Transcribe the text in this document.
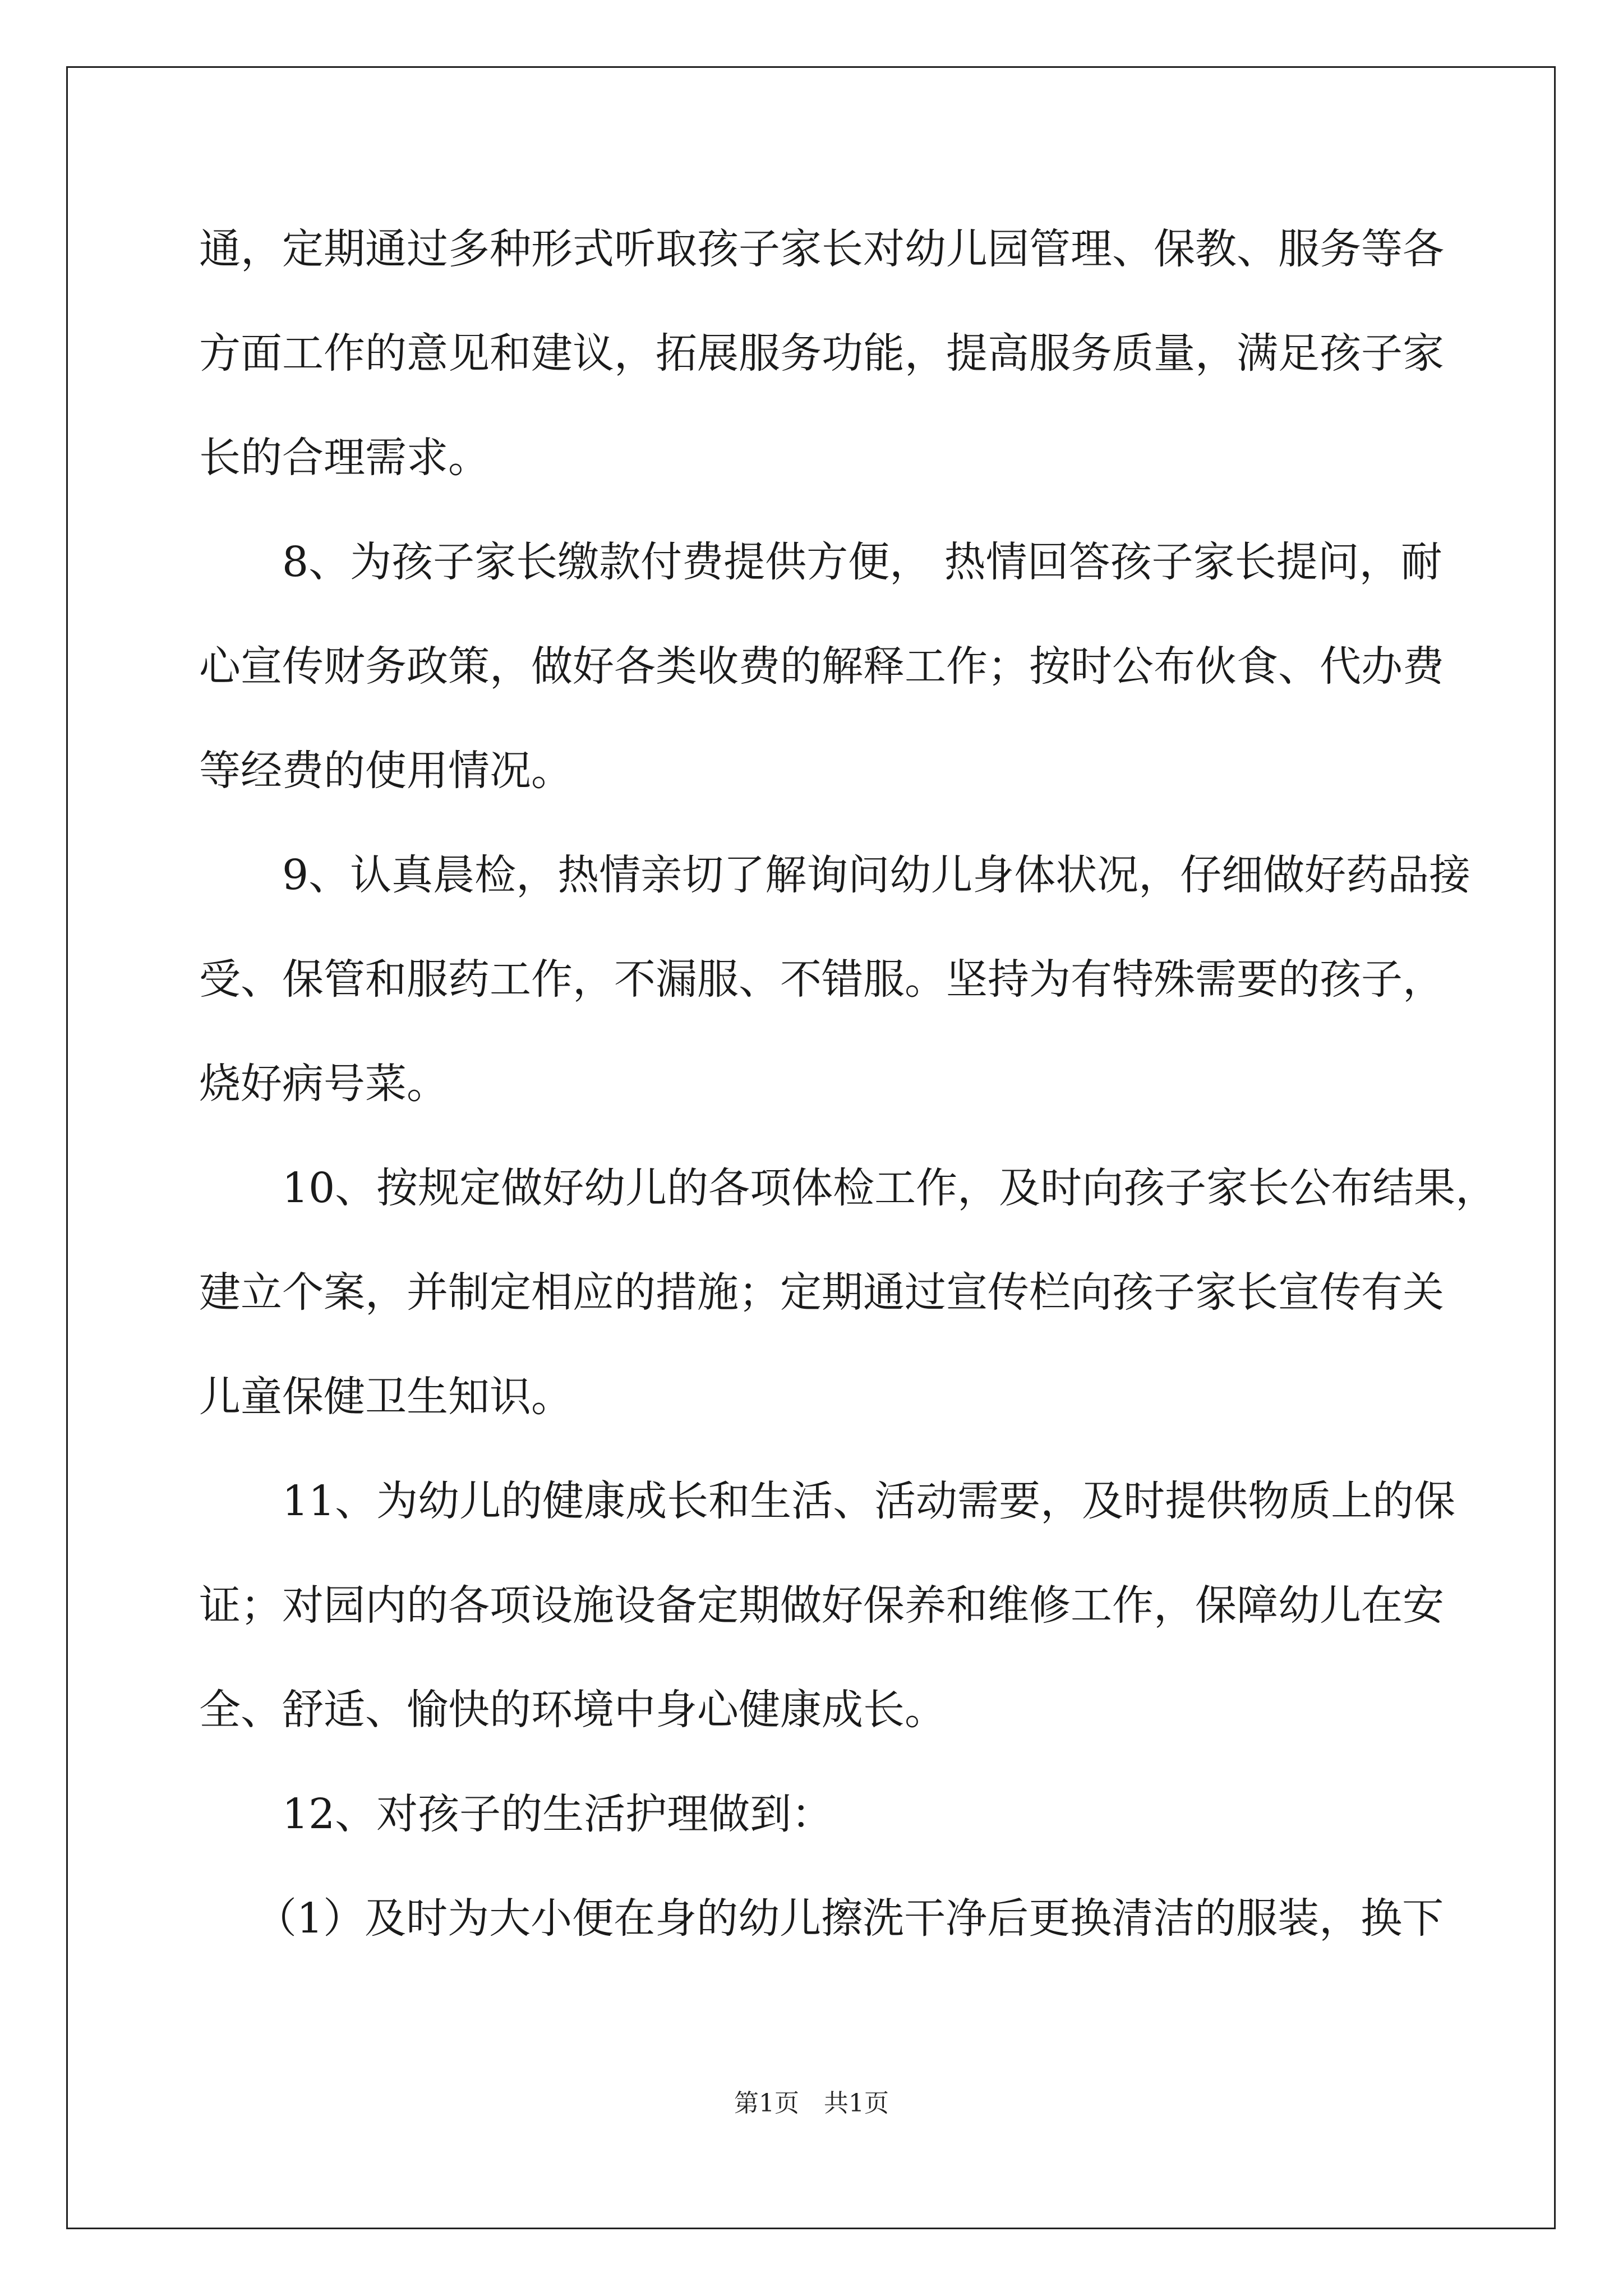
通，定期通过多种形式听取孩子家长对幼儿园管理、保教、服务等各
方面工作的意见和建议，拓展服务功能，提高服务质量，满足孩子家
长的合理需求。
8、为孩子家长缴款付费提供方便， 热情回答孩子家长提问，耐
心宣传财务政策，做好各类收费的解释工作；按时公布伙食、代办费
等经费的使用情况。
9、认真晨检，热情亲切了解询问幼儿身体状况，仔细做好药品接
受、保管和服药工作，不漏服、不错服。坚持为有特殊需要的孩子，
烧好病号菜。
10、按规定做好幼儿的各项体检工作，及时向孩子家长公布结果，
建立个案，并制定相应的措施；定期通过宣传栏向孩子家长宣传有关
儿童保健卫生知识。
11、为幼儿的健康成长和生活、活动需要，及时提供物质上的保
证；对园内的各项设施设备定期做好保养和维修工作，保障幼儿在安
全、舒适、愉快的环境中身心健康成长。
12、对孩子的生活护理做到：
（1）及时为大小便在身的幼儿擦洗干净后更换清洁的服装，换下
第1页　共1页
